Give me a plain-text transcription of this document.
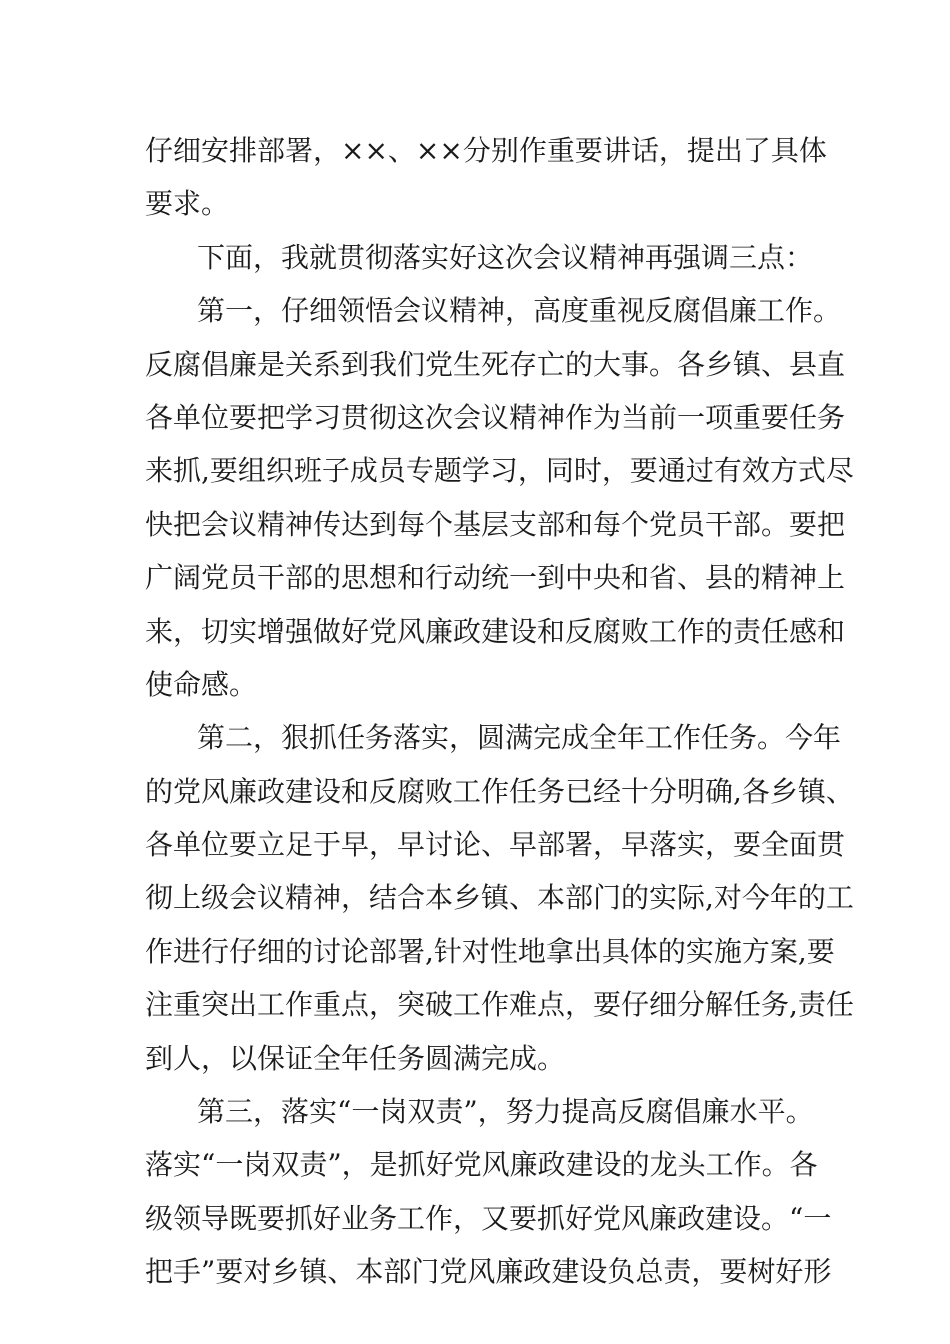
仔细安排部署，××、××分别作重要讲话，提出了具体
要求。
下面，我就贯彻落实好这次会议精神再强调三点：
第一，仔细领悟会议精神，高度重视反腐倡廉工作。
反腐倡廉是关系到我们党生死存亡的大事。各乡镇、县直
各单位要把学习贯彻这次会议精神作为当前一项重要任务
来抓,要组织班子成员专题学习，同时，要通过有效方式尽
快把会议精神传达到每个基层支部和每个党员干部。要把
广阔党员干部的思想和行动统一到中央和省、县的精神上
来，切实增强做好党风廉政建设和反腐败工作的责任感和
使命感。
第二，狠抓任务落实，圆满完成全年工作任务。今年
的党风廉政建设和反腐败工作任务已经十分明确,各乡镇、
各单位要立足于早，早讨论、早部署，早落实，要全面贯
彻上级会议精神，结合本乡镇、本部门的实际,对今年的工
作进行仔细的讨论部署,针对性地拿出具体的实施方案,要
注重突出工作重点，突破工作难点，要仔细分解任务,责任
到人，以保证全年任务圆满完成。
第三，落实“一岗双责”，努力提高反腐倡廉水平。
落实“一岗双责”，是抓好党风廉政建设的龙头工作。各
级领导既要抓好业务工作，又要抓好党风廉政建设。“一
把手”要对乡镇、本部门党风廉政建设负总责，要树好形
